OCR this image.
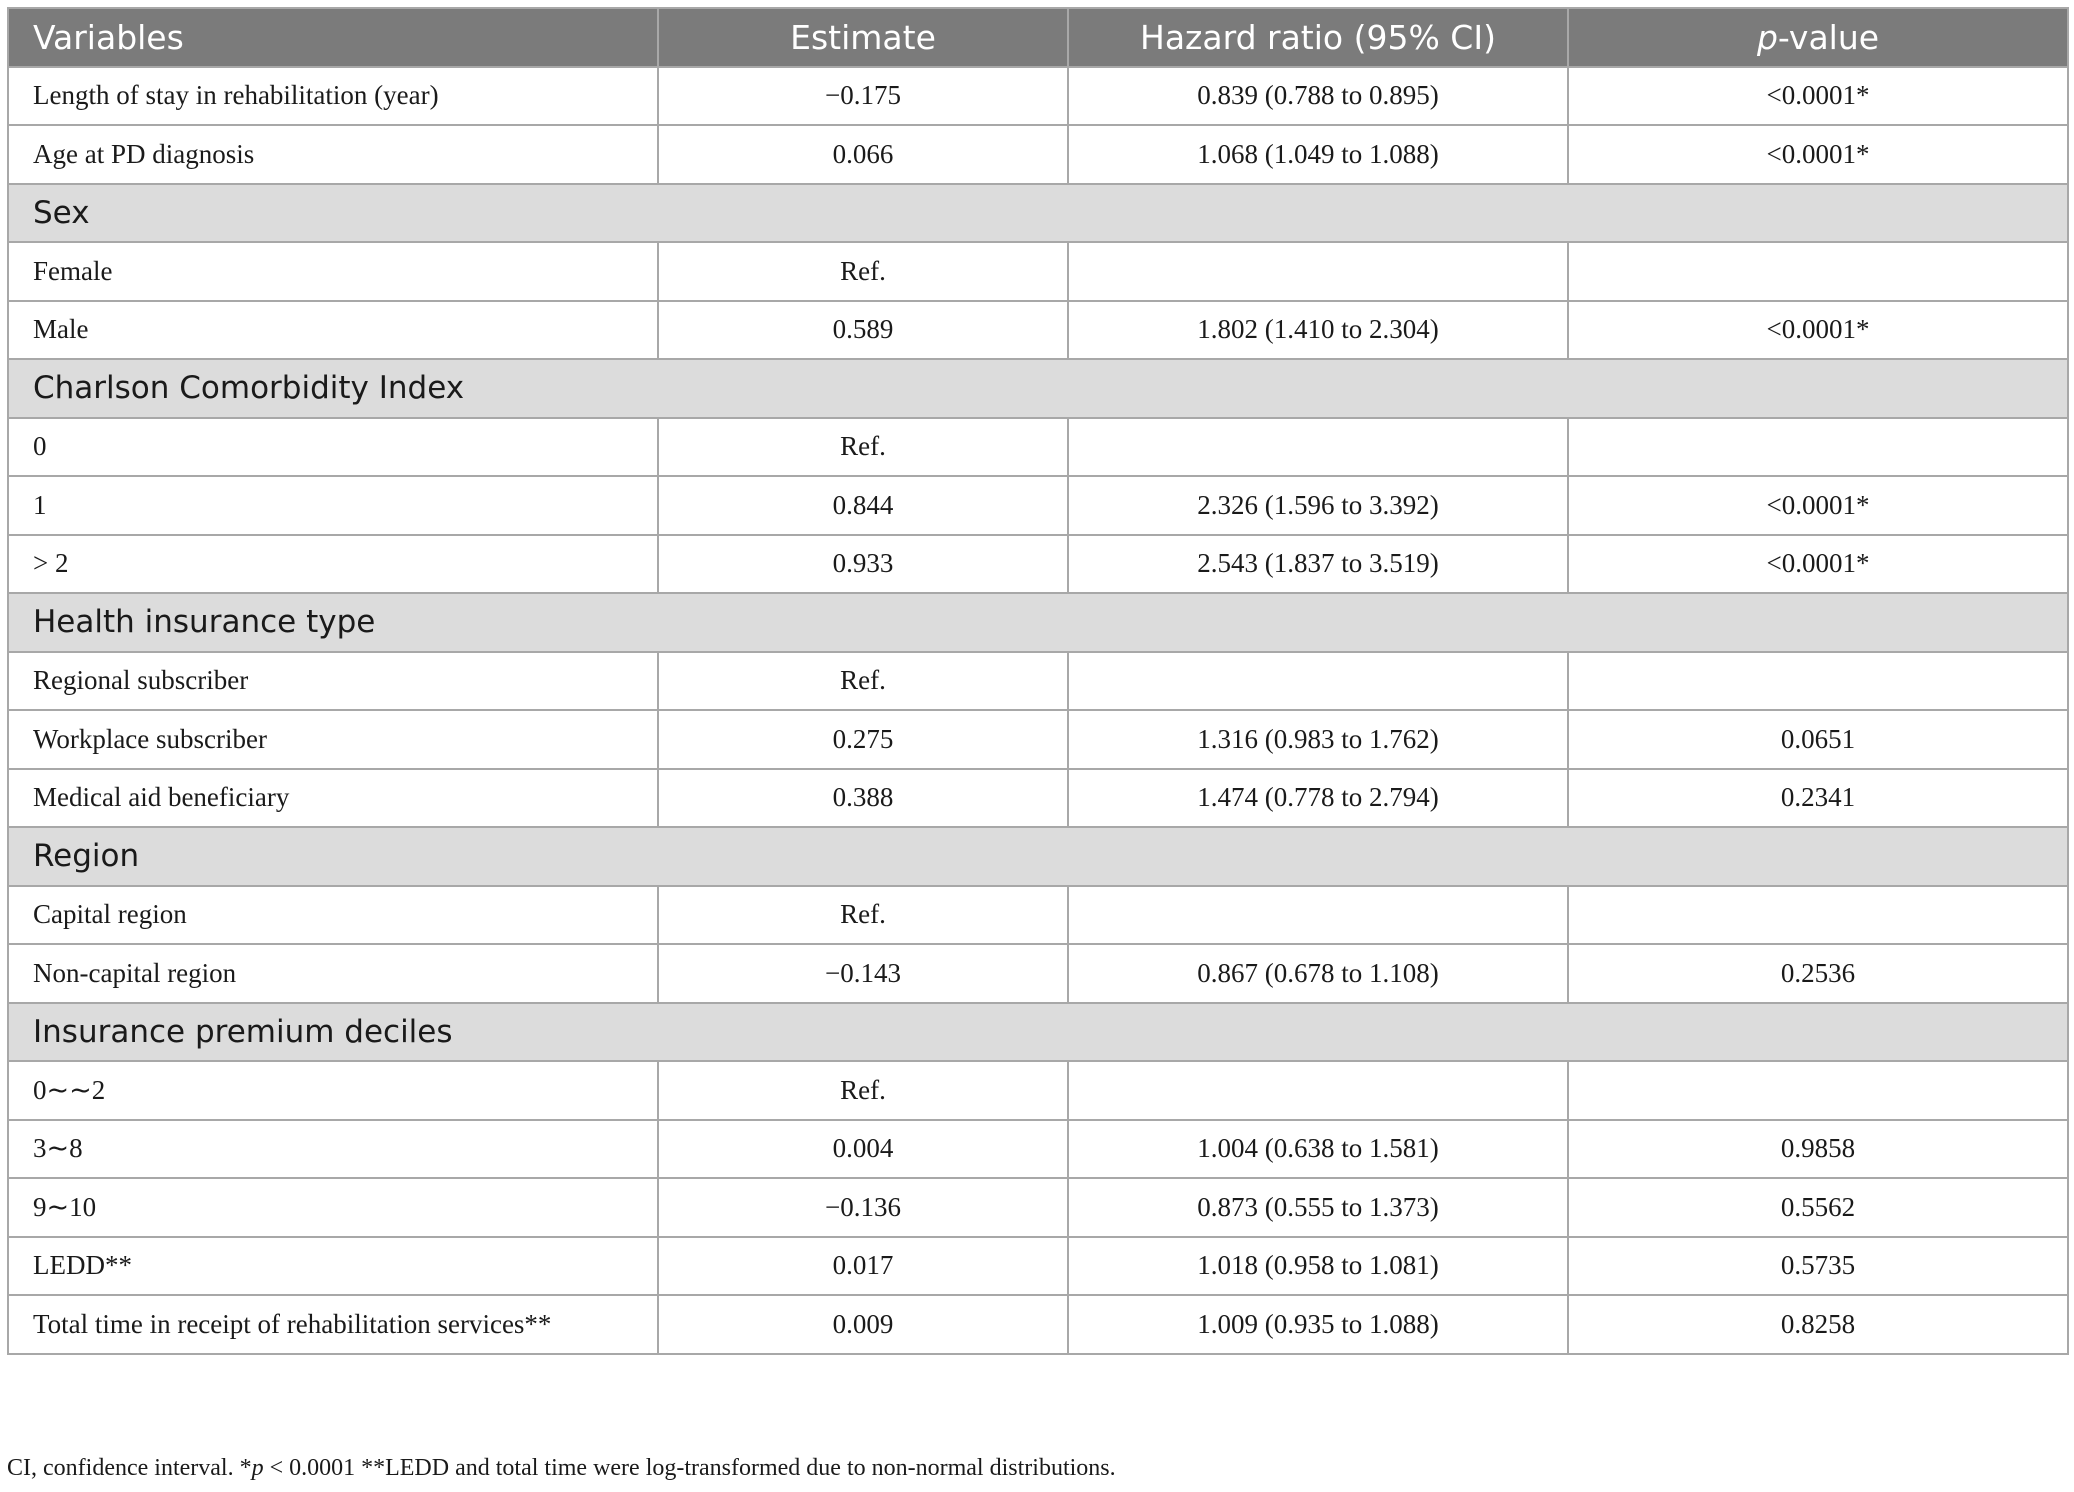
Variables	Estimate	Hazard ratio (95% CI)	p-value
Length of stay in rehabilitation (year)	−0.175	0.839 (0.788 to 0.895)	<0.0001*
Age at PD diagnosis	0.066	1.068 (1.049 to 1.088)	<0.0001*
Sex			
Female	Ref.		
Male	0.589	1.802 (1.410 to 2.304)	<0.0001*
Charlson Comorbidity Index			
0	Ref.		
1	0.844	2.326 (1.596 to 3.392)	<0.0001*
> 2	0.933	2.543 (1.837 to 3.519)	<0.0001*
Health insurance type			
Regional subscriber	Ref.		
Workplace subscriber	0.275	1.316 (0.983 to 1.762)	0.0651
Medical aid beneficiary	0.388	1.474 (0.778 to 2.794)	0.2341
Region			
Capital region	Ref.		
Non-capital region	−0.143	0.867 (0.678 to 1.108)	0.2536
Insurance premium deciles			
0∼∼2	Ref.		
3∼8	0.004	1.004 (0.638 to 1.581)	0.9858
9∼10	−0.136	0.873 (0.555 to 1.373)	0.5562
LEDD**	0.017	1.018 (0.958 to 1.081)	0.5735
Total time in receipt of rehabilitation services**	0.009	1.009 (0.935 to 1.088)	0.8258
CI, confidence interval. *p < 0.0001 **LEDD and total time were log-transformed due to non-normal distributions.
